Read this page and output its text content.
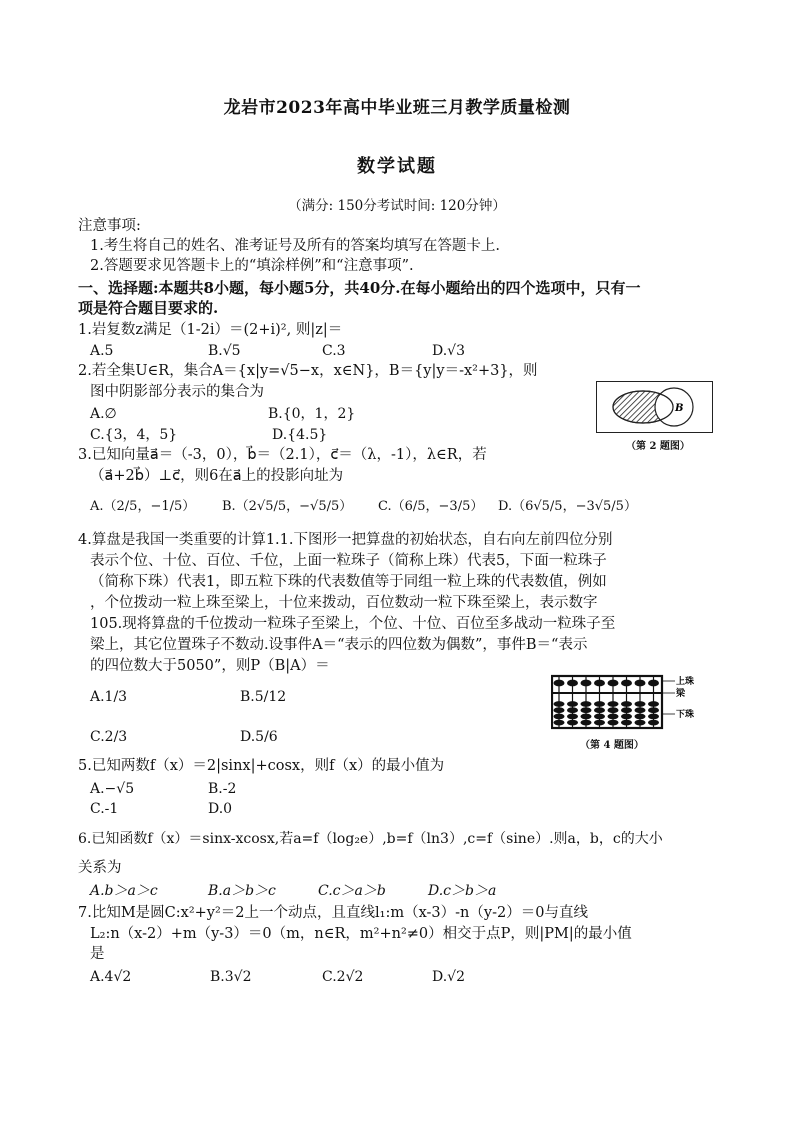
龙岩市2023年高中毕业班三月教学质量检测
数学试题
（满分: 150分考试时间: 120分钟）
注意事项:
1.考生将自己的姓名、准考证号及所有的答案均填写在答题卡上.
2.答题要求见答题卡上的“填涂样例”和“注意事项”.
一、选择题:本题共8小题，每小题5分，共40分.在每小题给出的四个选项中，只有一
项是符合题目要求的.
1.岩复数z满足（1-2i）＝(2+i)², 则|z|＝
A.5	B.√5	C.3	D.√3
2.若全集U∈R，集合A＝{x|y=√5−x，x∈N}，B＝{y|y＝-x²+3}，则
图中阴影部分表示的集合为
A.∅	B.{0，1，2}
C.{3，4，5}	D.{4.5}
B
（第 2 题图）
3.已知向量a⃗＝（-3，0），b⃗＝（2.1），c⃗＝（λ，-1），λ∈R，若
（a⃗+2b⃗）⊥c⃗，则6在a⃗上的投影向址为
A.（2/5，−1/5） B.（2√5/5，−√5/5） C.（6/5，−3/5） D.（6√5/5，−3√5/5）
4.算盘是我国一类重要的计算1.1.下图形一把算盘的初始状态，自右向左前四位分别
表示个位、十位、百位、千位，上面一粒珠子（简称上珠）代表5，下面一粒珠子
（简称下珠）代表1，即五粒下珠的代表数值等于同组一粒上珠的代表数值，例如
，个位拨动一粒上珠至梁上，十位来拨动，百位数动一粒下珠至梁上，表示数字
105.现将算盘的千位拨动一粒珠子至梁上，个位、十位、百位至多战动一粒珠子至
梁上，其它位置珠子不数动.设事件A＝“表示的四位数为偶数”，事件B＝“表示
的四位数大于5050”，则P（B|A）＝
A.1/3	B.5/12
C.2/3	D.5/6
上珠
梁
下珠
（第 4 题图）
5.已知两数f（x）＝2|sinx|+cosx，则f（x）的最小值为
A.−√5	B.-2
C.-1	D.0
6.已知函数f（x）＝sinx-xcosx,若a=f（log₂e）,b=f（ln3）,c=f（sine）.则a，b，c的大小
关系为
A.b＞a＞c	B.a＞b＞c	C.c＞a＞b	D.c＞b＞a
7.比知M是圆C:x²+y²＝2上一个动点，且直线l₁:m（x-3）-n（y-2）＝0与直线
L₂:n（x-2）+m（y-3）＝0（m，n∈R，m²+n²≠0）相交于点P，则|PM|的最小值
是
A.4√2	B.3√2	C.2√2	D.√2
